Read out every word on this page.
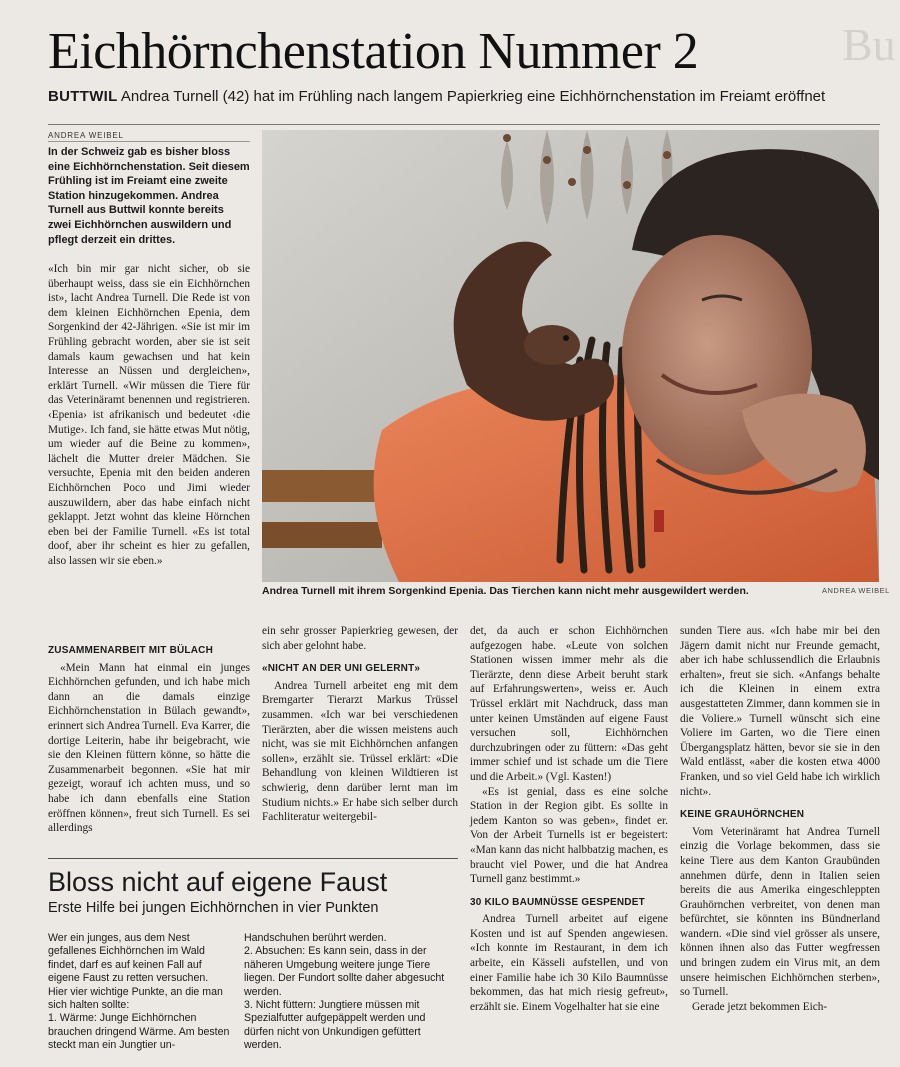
Eichhörnchenstation Nummer 2	Bu
BUTTWIL Andrea Turnell (42) hat im Frühling nach langem Papierkrieg eine Eichhörnchenstation im Freiamt eröffnet
ANDREA WEIBEL
In der Schweiz gab es bisher bloss eine Eichhörnchenstation. Seit diesem Frühling ist im Freiamt eine zweite Station hinzugekommen. Andrea Turnell aus Buttwil konnte bereits zwei Eichhörnchen auswildern und pflegt derzeit ein drittes.

«Ich bin mir gar nicht sicher, ob sie überhaupt weiss, dass sie ein Eichhörnchen ist», lacht Andrea Turnell. Die Rede ist von dem kleinen Eichhörnchen Epenia, dem Sorgenkind der 42-Jährigen. «Sie ist mir im Frühling gebracht worden, aber sie ist seit damals kaum gewachsen und hat kein Interesse an Nüssen und dergleichen», erklärt Turnell. «Wir müssen die Tiere für das Veterinäramt benennen und registrieren. ‹Epenia› ist afrikanisch und bedeutet ‹die Mutige›. Ich fand, sie hätte etwas Mut nötig, um wieder auf die Beine zu kommen», lächelt die Mutter dreier Mädchen. Sie versuchte, Epenia mit den beiden anderen Eichhörnchen Poco und Jimi wieder auszuwildern, aber das habe einfach nicht geklappt. Jetzt wohnt das kleine Hörnchen eben bei der Familie Turnell. «Es ist total doof, aber ihr scheint es hier zu gefallen, also lassen wir sie eben.»

Andrea Turnell mit ihrem Sorgenkind Epenia. Das Tierchen kann nicht mehr ausgewildert werden.	ANDREA WEIBEL
ZUSAMMENARBEIT MIT BÜLACH

«Mein Mann hat einmal ein junges Eichhörnchen gefunden, und ich habe mich dann an die damals einzige Eichhörnchenstation in Bülach gewandt», erinnert sich Andrea Turnell. Eva Karrer, die dortige Leiterin, habe ihr beigebracht, wie sie den Kleinen füttern könne, so hätte die Zusammenarbeit begonnen. «Sie hat mir gezeigt, worauf ich achten muss, und so habe ich dann ebenfalls eine Station eröffnen können», freut sich Turnell. Es sei allerdings

ein sehr grosser Papierkrieg gewesen, der sich aber gelohnt habe.

«NICHT AN DER UNI GELERNT»

Andrea Turnell arbeitet eng mit dem Bremgarter Tierarzt Markus Trüssel zusammen. «Ich war bei verschiedenen Tierärzten, aber die wissen meistens auch nicht, was sie mit Eichhörnchen anfangen sollen», erzählt sie. Trüssel erklärt: «Die Behandlung von kleinen Wildtieren ist schwierig, denn darüber lernt man im Studium nichts.» Er habe sich selber durch Fachliteratur weitergebil-

det, da auch er schon Eichhörnchen aufgezogen habe. «Leute von solchen Stationen wissen immer mehr als die Tierärzte, denn diese Arbeit beruht stark auf Erfahrungswerten», weiss er. Auch Trüssel erklärt mit Nachdruck, dass man unter keinen Umständen auf eigene Faust versuchen soll, Eichhörnchen durchzubringen oder zu füttern: «Das geht immer schief und ist schade um die Tiere und die Arbeit.» (Vgl. Kasten!)

«Es ist genial, dass es eine solche Station in der Region gibt. Es sollte in jedem Kanton so was geben», findet er. Von der Arbeit Turnells ist er begeistert: «Man kann das nicht halbbatzig machen, es braucht viel Power, und die hat Andrea Turnell ganz bestimmt.»

30 KILO BAUMNÜSSE GESPENDET

Andrea Turnell arbeitet auf eigene Kosten und ist auf Spenden angewiesen. «Ich konnte im Restaurant, in dem ich arbeite, ein Kässeli aufstellen, und von einer Familie habe ich 30 Kilo Baumnüsse bekommen, das hat mich riesig gefreut», erzählt sie. Einem Vogelhalter hat sie eine

sunden Tiere aus. «Ich habe mir bei den Jägern damit nicht nur Freunde gemacht, aber ich habe schlussendlich die Erlaubnis erhalten», freut sie sich. «Anfangs behalte ich die Kleinen in einem extra ausgestatteten Zimmer, dann kommen sie in die Voliere.» Turnell wünscht sich eine Voliere im Garten, wo die Tiere einen Übergangsplatz hätten, bevor sie sie in den Wald entlässt, «aber die kosten etwa 4000 Franken, und so viel Geld habe ich wirklich nicht».

KEINE GRAUHÖRNCHEN

Vom Veterinäramt hat Andrea Turnell einzig die Vorlage bekommen, dass sie keine Tiere aus dem Kanton Graubünden annehmen dürfe, denn in Italien seien bereits die aus Amerika eingeschleppten Grauhörnchen verbreitet, von denen man befürchtet, sie könnten ins Bündnerland wandern. «Die sind viel grösser als unsere, können ihnen also das Futter wegfressen und bringen zudem ein Virus mit, an dem unsere heimischen Eichhörnchen sterben», so Turnell.

Gerade jetzt bekommen Eich-

Bloss nicht auf eigene Faust
Erste Hilfe bei jungen Eichhörnchen in vier Punkten

Wer ein junges, aus dem Nest gefallenes Eichhörnchen im Wald findet, darf es auf keinen Fall auf eigene Faust zu retten versuchen. Hier vier wichtige Punkte, an die man sich halten sollte:

1. Wärme: Junge Eichhörnchen brauchen dringend Wärme. Am besten steckt man ein Jungtier un-

Handschuhen berührt werden.

2. Absuchen: Es kann sein, dass in der näheren Umgebung weitere junge Tiere liegen. Der Fundort sollte daher abgesucht werden.

3. Nicht füttern: Jungtiere müssen mit Spezialfutter aufgepäppelt werden und dürfen nicht von Unkundigen gefüttert werden.
